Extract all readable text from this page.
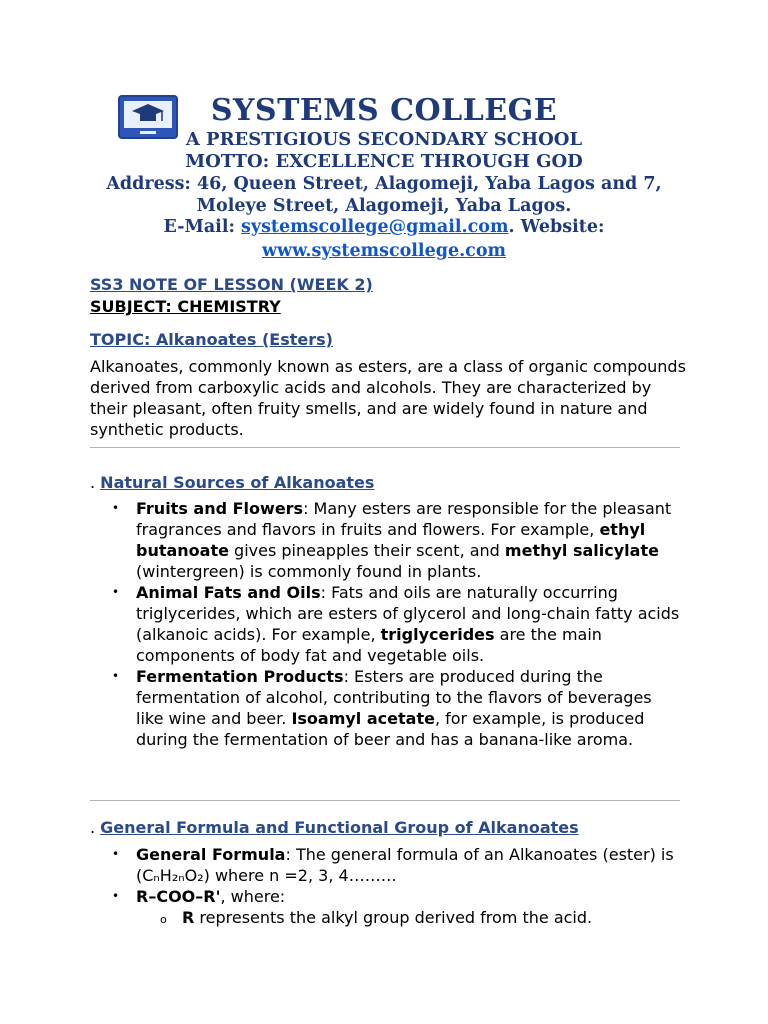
SYSTEMS COLLEGE
A PRESTIGIOUS SECONDARY SCHOOL
MOTTO: EXCELLENCE THROUGH GOD
Address: 46, Queen Street, Alagomeji, Yaba Lagos and 7, Moleye Street, Alagomeji, Yaba Lagos.
E-Mail: systemscollege@gmail.com. Website:
www.systemscollege.com
SS3 NOTE OF LESSON (WEEK 2)
SUBJECT: CHEMISTRY
TOPIC: Alkanoates (Esters)
Alkanoates, commonly known as esters, are a class of organic compounds derived from carboxylic acids and alcohols. They are characterized by their pleasant, often fruity smells, and are widely found in nature and synthetic products.
. Natural Sources of Alkanoates
• Fruits and Flowers: Many esters are responsible for the pleasant fragrances and flavors in fruits and flowers. For example, ethyl butanoate gives pineapples their scent, and methyl salicylate (wintergreen) is commonly found in plants.
• Animal Fats and Oils: Fats and oils are naturally occurring triglycerides, which are esters of glycerol and long-chain fatty acids (alkanoic acids). For example, triglycerides are the main components of body fat and vegetable oils.
• Fermentation Products: Esters are produced during the fermentation of alcohol, contributing to the flavors of beverages like wine and beer. Isoamyl acetate, for example, is produced during the fermentation of beer and has a banana-like aroma.
. General Formula and Functional Group of Alkanoates
• General Formula: The general formula of an Alkanoates (ester) is (CₙH₂ₙO₂) where n =2, 3, 4………
• R–COO–R', where:
o R represents the alkyl group derived from the acid.
